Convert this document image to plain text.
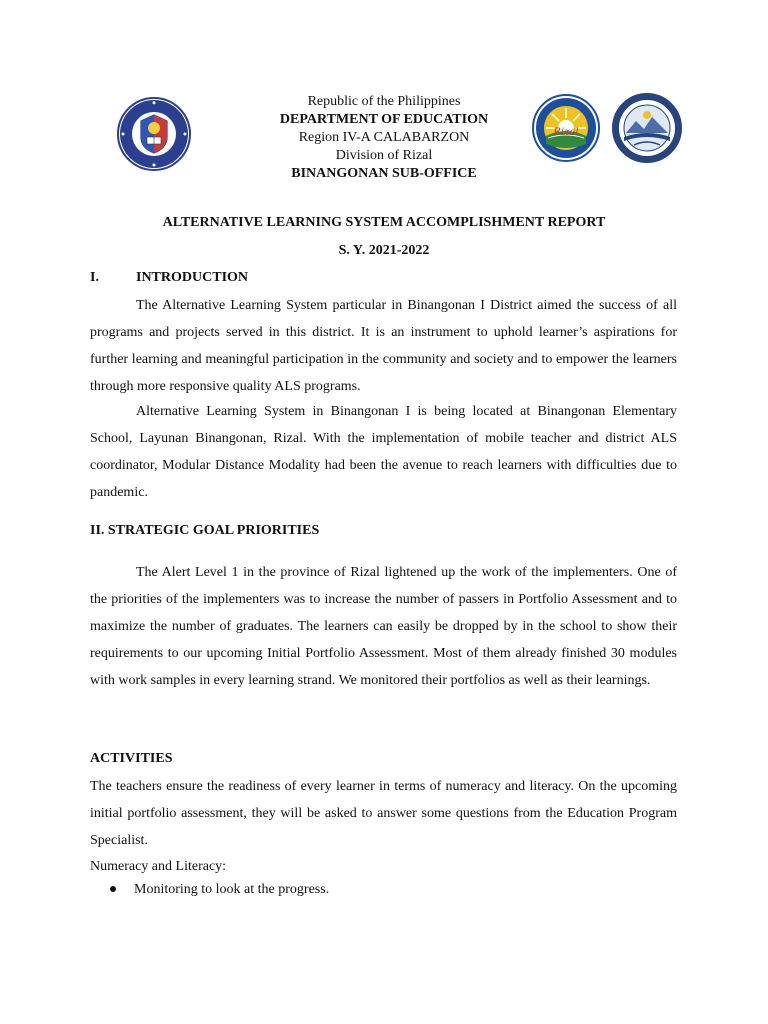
Republic of the Philippines
DEPARTMENT OF EDUCATION
Region IV-A CALABARZON
Division of Rizal
BINANGONAN SUB-OFFICE
Rizal
ALTERNATIVE LEARNING SYSTEM ACCOMPLISHMENT REPORT
S. Y. 2021-2022
I.	INTRODUCTION
The Alternative Learning System particular in Binangonan I District aimed the success of all programs and projects served in this district. It is an instrument to uphold learner’s aspirations for further learning and meaningful participation in the community and society and to empower the learners through more responsive quality ALS programs.
Alternative Learning System in Binangonan I is being located at Binangonan Elementary School, Layunan Binangonan, Rizal. With the implementation of mobile teacher and district ALS coordinator, Modular Distance Modality had been the avenue to reach learners with difficulties due to pandemic.
II. STRATEGIC GOAL PRIORITIES
The Alert Level 1 in the province of Rizal lightened up the work of the implementers. One of the priorities of the implementers was to increase the number of passers in Portfolio Assessment and to maximize the number of graduates. The learners can easily be dropped by in the school to show their requirements to our upcoming Initial Portfolio Assessment. Most of them already finished 30 modules with work samples in every learning strand. We monitored their portfolios as well as their learnings.
ACTIVITIES
The teachers ensure the readiness of every learner in terms of numeracy and literacy. On the upcoming initial portfolio assessment, they will be asked to answer some questions from the Education Program Specialist.
Numeracy and Literacy:
Monitoring to look at the progress.
